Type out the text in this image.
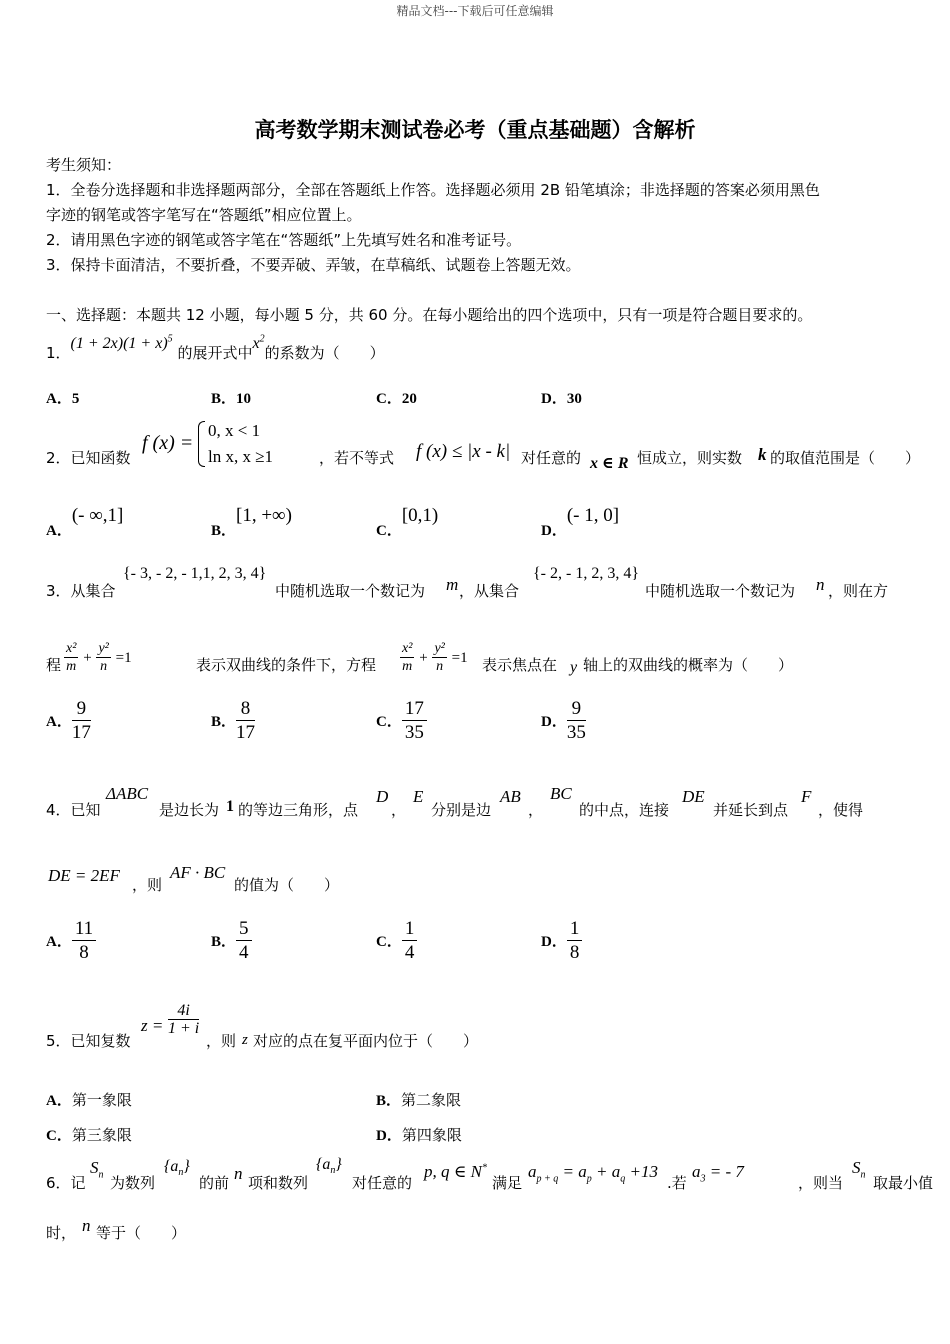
精品文档---下载后可任意编辑
高考数学期末测试卷必考（重点基础题）含解析
考生须知：
1．全卷分选择题和非选择题两部分，全部在答题纸上作答。选择题必须用 2B 铅笔填涂；非选择题的答案必须用黑色
字迹的钢笔或答字笔写在“答题纸”相应位置上。
2．请用黑色字迹的钢笔或答字笔在“答题纸”上先填写姓名和准考证号。
3．保持卡面清洁，不要折叠，不要弄破、弄皱，在草稿纸、试题卷上答题无效。
一、选择题：本题共 12 小题，每小题 5 分，共 60 分。在每小题给出的四个选项中，只有一项是符合题目要求的。
1．$(1 + 2x)(1 + x)^5$ 的展开式中$x^2$的系数为（　　）
A．5	B．10	C．20	D．30
2．已知函数
f (x) =
0, x < 1
ln x, x ≥1	，若不等式 f (x) ≤ |x - k| 对任意的 x ∈ R 恒成立，则实数 k 的取值范围是（　　）
A．(- ∞,1]
B．[1, +∞)
C．[0,1)
D．(- 1, 0]
3．从集合
{- 3, - 2, - 1,1, 2, 3, 4}
中随机选取一个数记为 m ，从集合
{- 2, - 1, 2, 3, 4}
中随机选取一个数记为 n ，则在方
程 $\frac{\text{x²}}{m} + \frac{\text{y²}}{n} =1$	表示双曲线的条件下，方程 $\frac{\text{x²}}{m} + \frac{\text{y²}}{n} =1$ 表示焦点在 y 轴上的双曲线的概率为（　　）
A． $\frac{9}{17}$	B． $\frac{8}{17}$	C． $\frac{17}{35}$	D． $\frac{9}{35}$
4．已知
ΔABC
是边长为 1 的等边三角形，点
D
，
E
分别是边
AB
，
BC
的中点，连接
DE
并延长到点
F
，使得
DE = 2EF ，则
AF · BC
的值为（　　）
A． $\frac{11}{8}$	B． $\frac{5}{4}$	C． $\frac{1}{4}$	D． $\frac{1}{8}$
5．已知复数
$z = \frac{4i}{1 + i}$
，则 z 对应的点在复平面内位于（　　）
A．第一象限	B．第二象限
C．第三象限	D．第四象限
6．记
$S_n$ 为数列
$\{a_n\}$
的前 n 项和数列
$\{a_n\}$
对任意的
p, q ∈ N*
满足
$a_{p + q} = a_p + a_q +13$
.若
$a_3$ = - 7
，则当
$S_n$ 取最小值
时， n 等于（　　）
